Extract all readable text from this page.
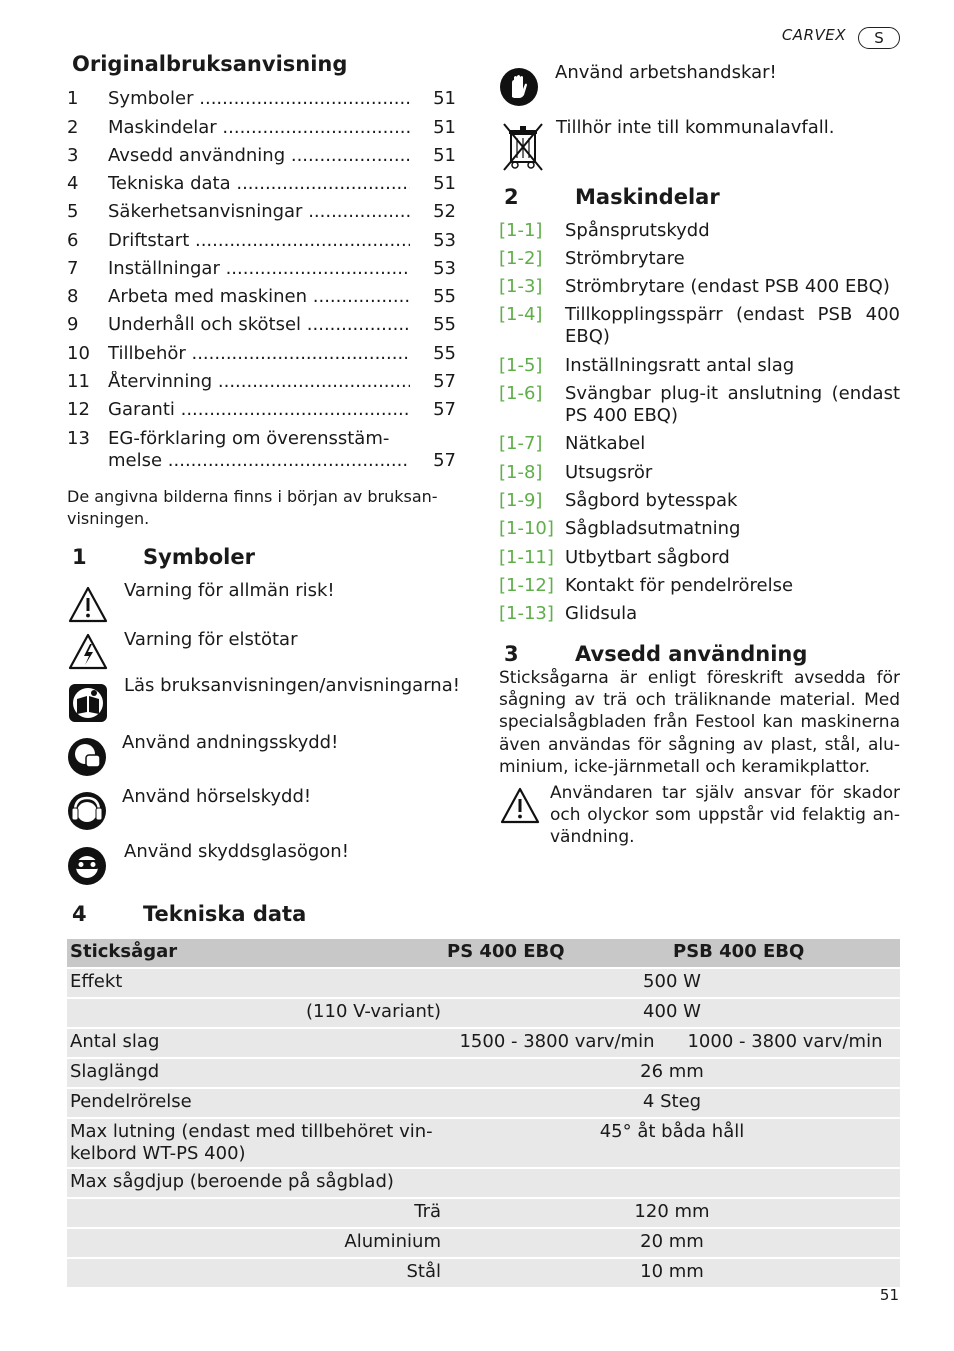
CARVEX	S
Originalbruksanvisning
1 Symboler .....	51
2 Maskindelar .....	51
3 Avsedd användning .....	51
4 Tekniska data .....	51
5 Säkerhetsanvisningar .....	52
6 Driftstart .....	53
7 Inställningar .....	53
8 Arbeta med maskinen .....	55
9 Underhåll och skötsel .....	55
10 Tillbehör .....	55
11 Återvinning .....	57
12 Garanti .....	57
13 EG-förklaring om överensstäm-
melse .....	57
De angivna bilderna finns i början av bruksan-visningen.
1	Symboler
Varning för allmän risk!
Varning för elstötar
Läs bruksanvisningen/anvisningarna!
Använd andningsskydd!
Använd hörselskydd!
Använd skyddsglasögon!
Använd arbetshandskar!
Tillhör inte till kommunalavfall.
2	Maskindelar
[1-1] Spånsprutskydd
[1-2] Strömbrytare
[1-3] Strömbrytare (endast PSB 400 EBQ)
[1-4] Tillkopplingsspärr (endast PSB 400 EBQ)
[1-5] Inställningsratt antal slag
[1-6] Svängbar plug-it anslutning (endast PS 400 EBQ)
[1-7] Nätkabel
[1-8] Utsugsrör
[1-9] Sågbord bytesspak
[1-10] Sågbladsutmatning
[1-11] Utbytbart sågbord
[1-12] Kontakt för pendelrörelse
[1-13] Glidsula
3	Avsedd användning
Sticksågarna är enligt föreskrift avsedda för sågning av trä och träliknande material. Med specialsågbladen från Festool kan maskinerna även användas för sågning av plast, stål, alu-minium, icke-järnmetall och keramikplattor.
Användaren tar själv ansvar för skador och olyckor som uppstår vid felaktig an-vändning.
4	Tekniska data
Sticksågar	PS 400 EBQ	PSB 400 EBQ
Effekt	500 W	
(110 V-variant)	400 W	
Antal slag	1500 - 3800 varv/min	1000 - 3800 varv/min
Slaglängd	26 mm	
Pendelrörelse	4 Steg	
Max lutning (endast med tillbehöret vin-kelbord WT-PS 400)	45° åt båda håll	
Max sågdjup (beroende på sågblad)		
Trä	120 mm	
Aluminium	20 mm	
Stål	10 mm	
51
